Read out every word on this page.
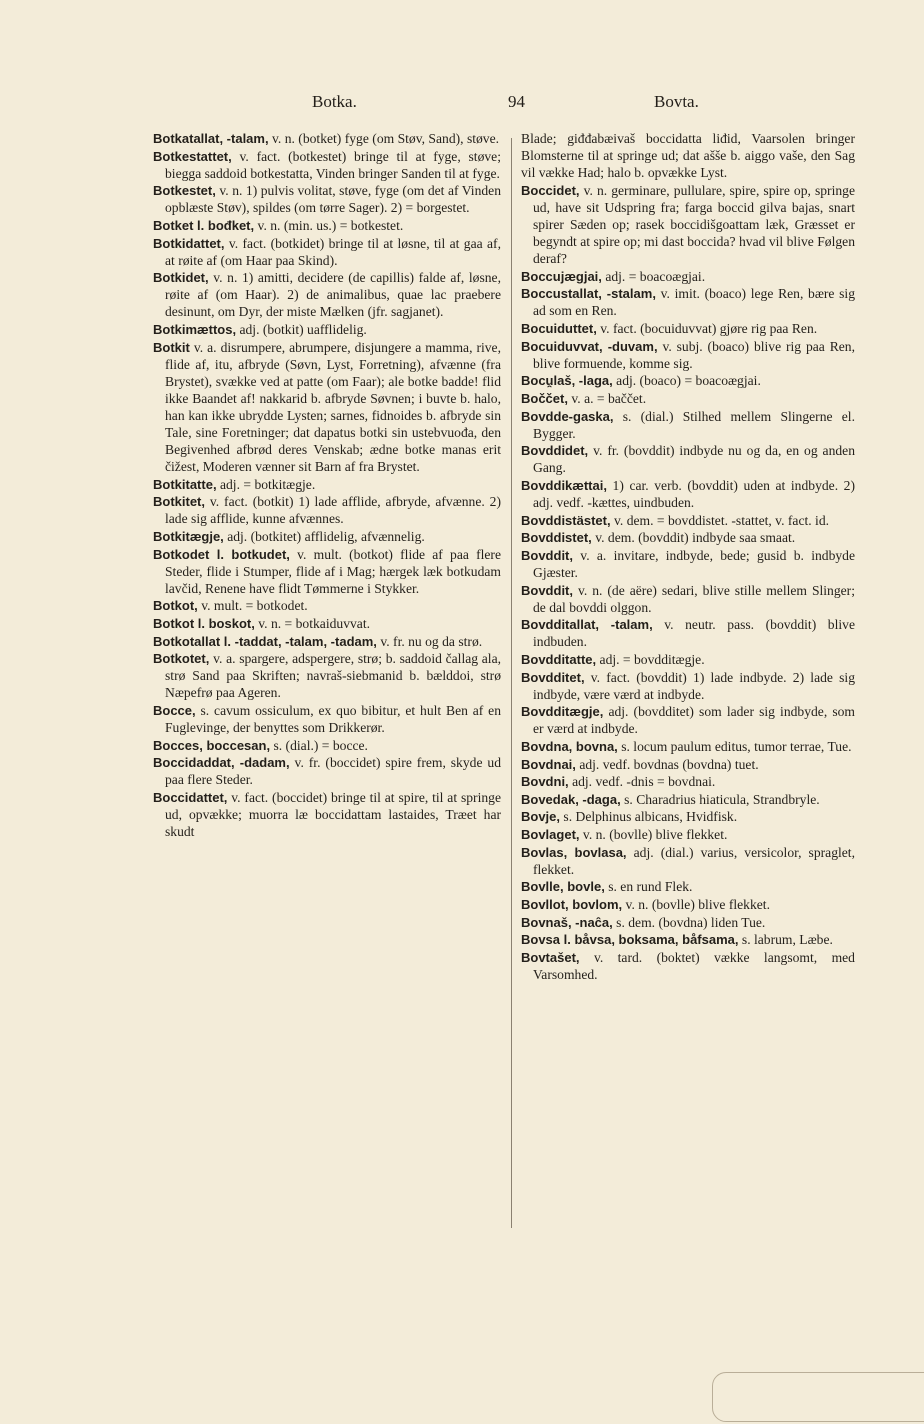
Botka.	94	Bovta.

Botkatallat, -talam, v. n. (botket) fyge (om Støv, Sand), støve.

Botkestattet, v. fact. (botkestet) bringe til at fyge, støve; biegga saddoid botkestatta, Vinden bringer Sanden til at fyge.

Botkestet, v. n. 1) pulvis volitat, støve, fyge (om det af Vinden opblæste Støv), spildes (om tørre Sager). 2) = borgestet.

Botket l. bođket, v. n. (min. us.) = botkestet.

Botkidattet, v. fact. (botkidet) bringe til at løsne, til at gaa af, at røite af (om Haar paa Skind).

Botkidet, v. n. 1) amitti, decidere (de capillis) falde af, løsne, røite af (om Haar). 2) de animalibus, quae lac praebere desinunt, om Dyr, der miste Mælken (jfr. sagjanet).

Botkimættos, adj. (botkit) uafflidelig.

Botkit v. a. disrumpere, abrumpere, disjungere a mamma, rive, flide af, itu, afbryde (Søvn, Lyst, Forretning), afvænne (fra Brystet), svække ved at patte (om Faar); ale botke badde! flid ikke Baandet af! nakkarid b. afbryde Søvnen; i buvte b. halo, han kan ikke ubrydde Lysten; sarnes, fidnoides b. afbryde sin Tale, sine Foretninger; dat dapatus botki sin ustebvuođa, den Begivenhed afbrød deres Venskab; ædne botke manas erit čižest, Moderen vænner sit Barn af fra Brystet.

Botkitatte, adj. = botkitægje.

Botkitet, v. fact. (botkit) 1) lade afflide, afbryde, afvænne. 2) lade sig afflide, kunne afvænnes.

Botkitægje, adj. (botkitet) afflidelig, afvænnelig.

Botkodet l. botkudet, v. mult. (botkot) flide af paa flere Steder, flide i Stumper, flide af i Mag; hærgek læk botkudam lavčid, Renene have flidt Tømmerne i Stykker.

Botkot, v. mult. = botkodet.

Botkot l. boskot, v. n. = botkaiduvvat.

Botkotallat l. -taddat, -talam, -tadam, v. fr. nu og da strø.

Botkotet, v. a. spargere, adspergere, strø; b. saddoid čallag ala, strø Sand paa Skriften; navraš-siebmanid b. bælddoi, strø Næpefrø paa Ageren.

Bocce, s. cavum ossiculum, ex quo bibitur, et hult Ben af en Fuglevinge, der benyttes som Drikkerør.

Bocces, boccesan, s. (dial.) = bocce.

Boccidaddat, -dadam, v. fr. (boccidet) spire frem, skyde ud paa flere Steder.

Boccidattet, v. fact. (boccidet) bringe til at spire, til at springe ud, opvække; muorra læ boccidattam lastaides, Træet har skudt

Blade; giđđabæivaš boccidatta liđid, Vaarsolen bringer Blomsterne til at springe ud; dat ašše b. aiggo vaše, den Sag vil vække Had; halo b. opvække Lyst.

Boccidet, v. n. germinare, pullulare, spire, spire op, springe ud, have sit Udspring fra; farga boccid gilva bajas, snart spirer Sæden op; rasek boccidišgoattam læk, Græsset er begyndt at spire op; mi dast boccida? hvad vil blive Følgen deraf?

Boccujægjai, adj. = boacoægjai.

Boccustallat, -stalam, v. imit. (boaco) lege Ren, bære sig ad som en Ren.

Bocuiduttet, v. fact. (bocuiduvvat) gjøre rig paa Ren.

Bocuiduvvat, -duvam, v. subj. (boaco) blive rig paa Ren, blive formuende, komme sig.

Bocu̯laš, -laga, adj. (boaco) = boacoægjai.

Boččet, v. a. = baččet.

Bovdde-gaska, s. (dial.) Stilhed mellem Slingerne el. Bygger.

Bovddidet, v. fr. (bovddit) indbyde nu og da, en og anden Gang.

Bovddikættai, 1) car. verb. (bovddit) uden at indbyde. 2) adj. vedf. -kættes, uindbuden.

Bovddistästet, v. dem. = bovddistet. -stattet, v. fact. id.

Bovddistet, v. dem. (bovddit) indbyde saa smaat.

Bovddit, v. a. invitare, indbyde, bede; gusid b. indbyde Gjæster.

Bovddit, v. n. (de aëre) sedari, blive stille mellem Slinger; de dal bovddi olggon.

Bovdditallat, -talam, v. neutr. pass. (bovddit) blive indbuden.

Bovdditatte, adj. = bovdditægje.

Bovdditet, v. fact. (bovddit) 1) lade indbyde. 2) lade sig indbyde, være værd at indbyde.

Bovdditægje, adj. (bovdditet) som lader sig indbyde, som er værd at indbyde.

Bovdna, bovna, s. locum paulum editus, tumor terrae, Tue.

Bovdnai, adj. vedf. bovdnas (bovdna) tuet.

Bovdni, adj. vedf. -dnis = bovdnai.

Bovedak, -daga, s. Charadrius hiaticula, Strandbryle.

Bovje, s. Delphinus albicans, Hvidfisk.

Bovlaget, v. n. (bovlle) blive flekket.

Bovlas, bovlasa, adj. (dial.) varius, versicolor, spraglet, flekket.

Bovlle, bovle, s. en rund Flek.

Bovllot, bovlom, v. n. (bovlle) blive flekket.

Bovnaš, -naĉa, s. dem. (bovdna) liden Tue.

Bovsa l. båvsa, boksama, båfsama, s. labrum, Læbe.

Bovtašet, v. tard. (boktet) vække langsomt, med Varsomhed.
